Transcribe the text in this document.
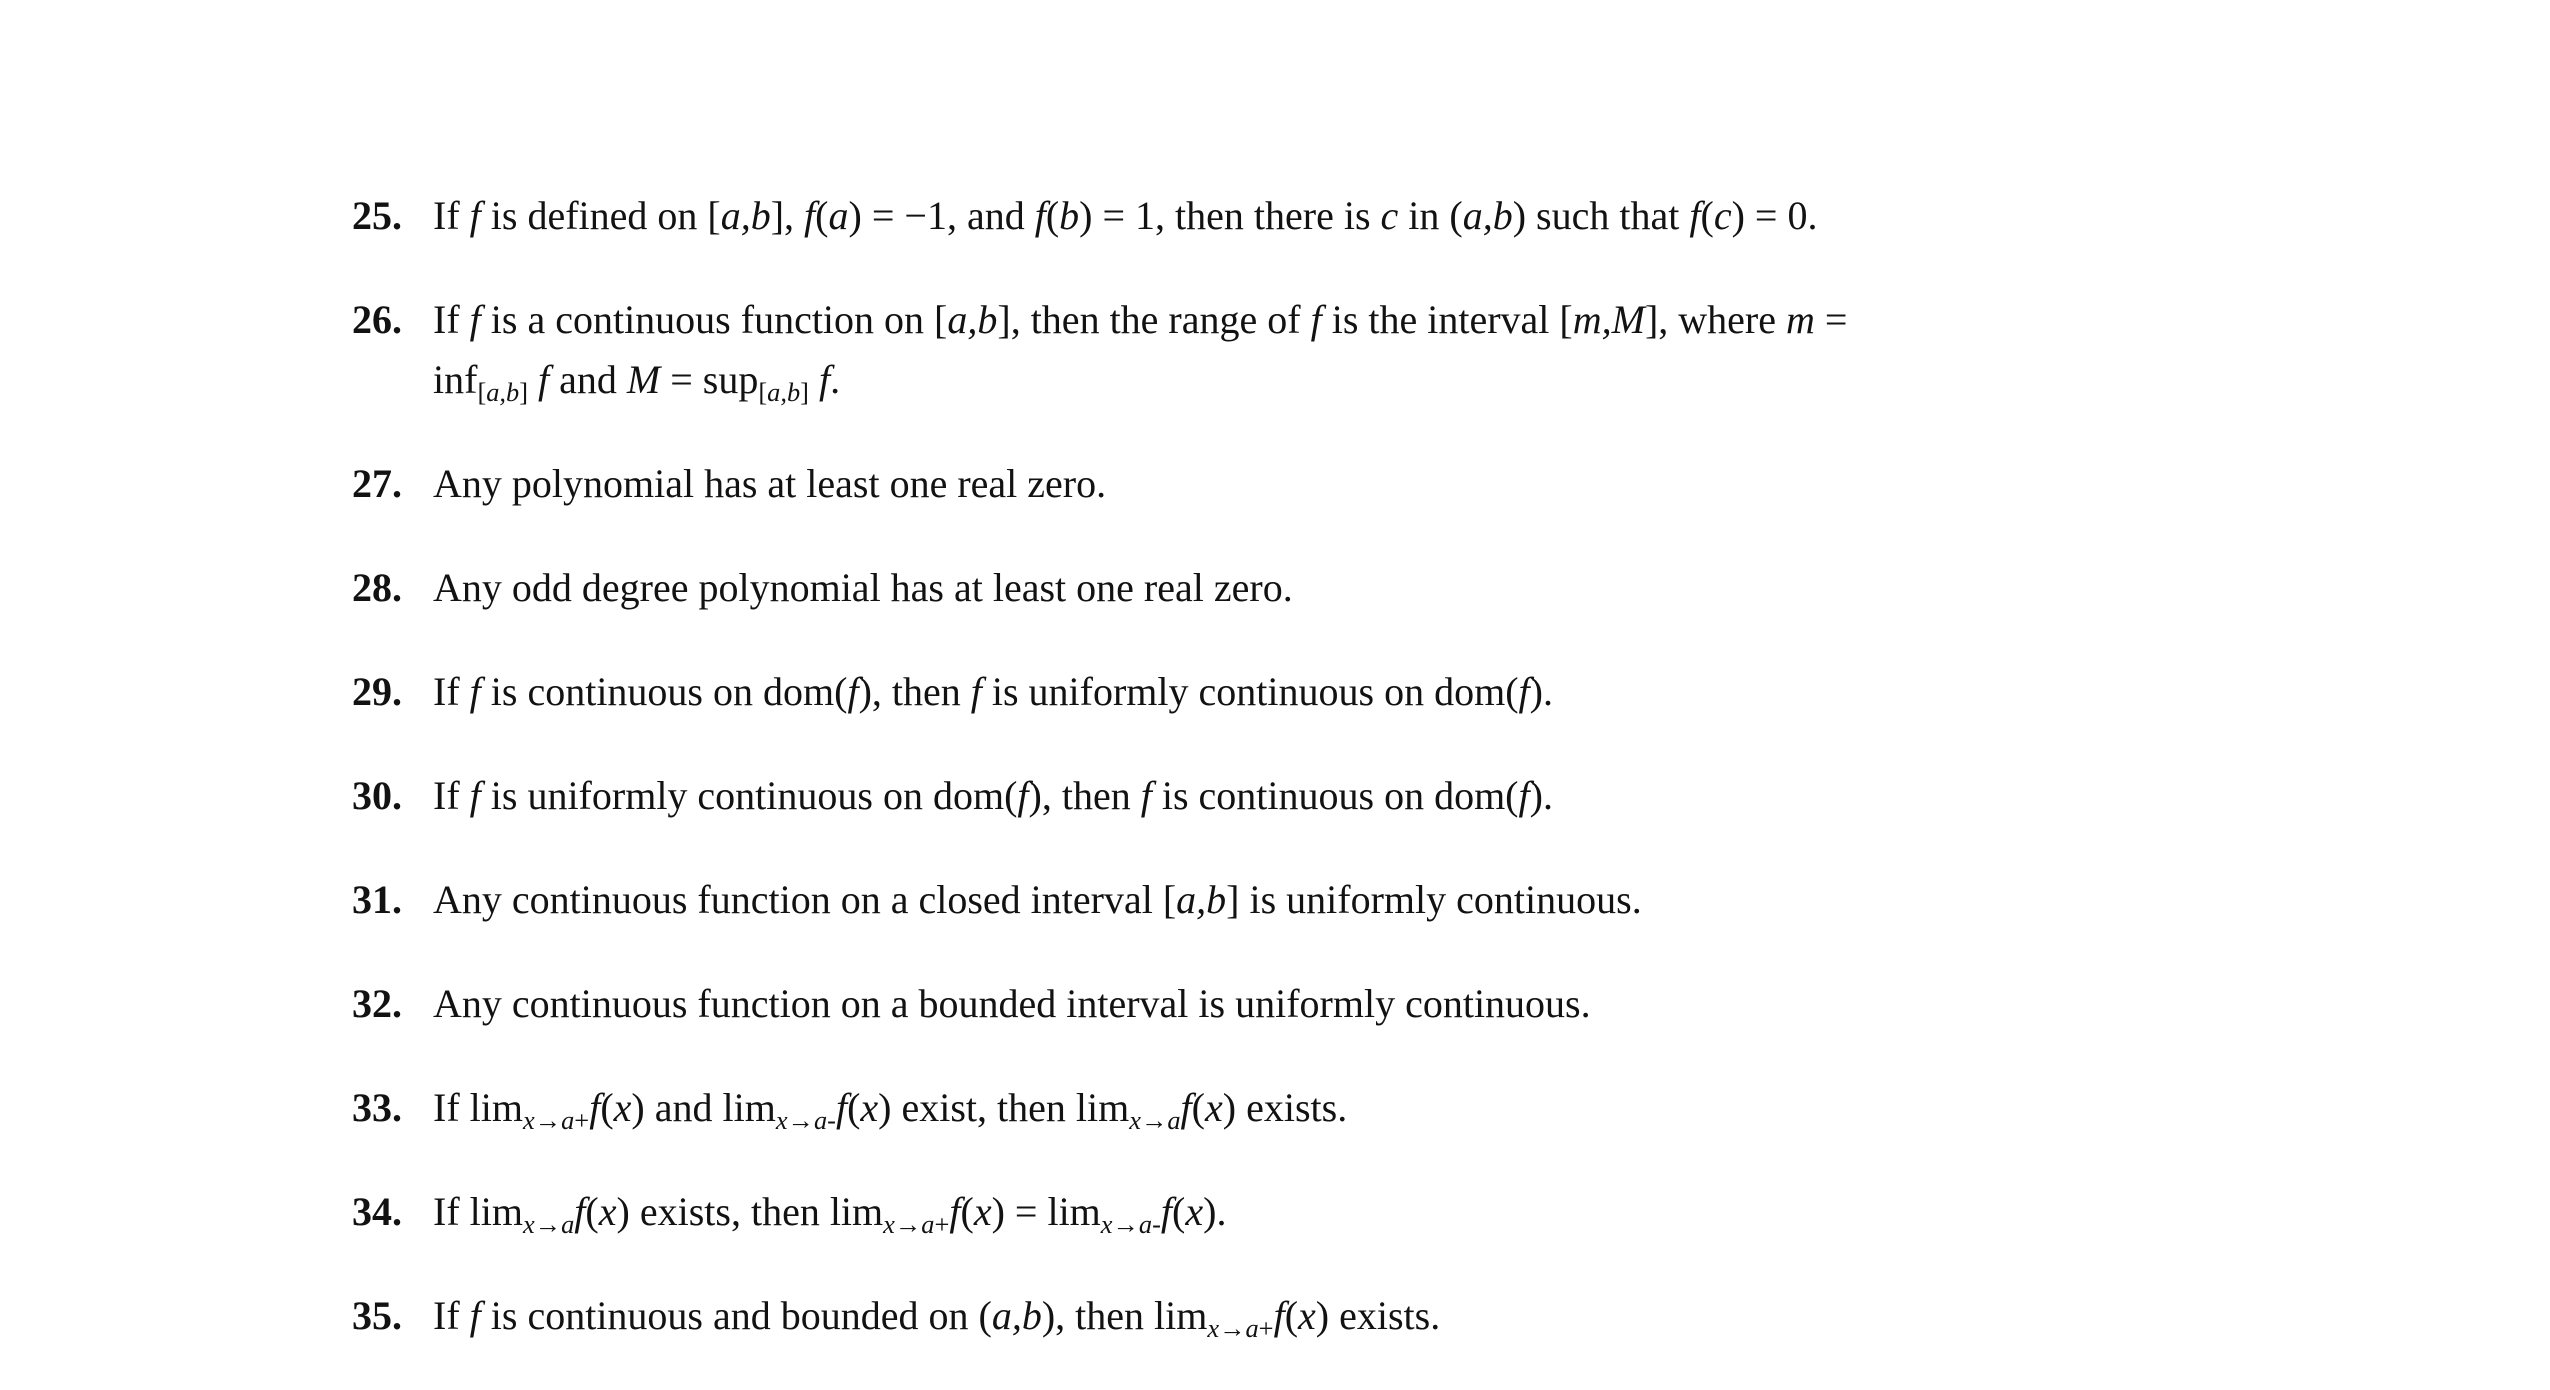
25. If f is defined on [a,b], f(a) = −1, and f(b) = 1, then there is c in (a,b) such that f(c) = 0.
26. If f is a continuous function on [a,b], then the range of f is the interval [m,M], where m =
inf[a,b] f and M = sup[a,b] f.
27. Any polynomial has at least one real zero.
28. Any odd degree polynomial has at least one real zero.
29. If f is continuous on dom(f), then f is uniformly continuous on dom(f).
30. If f is uniformly continuous on dom(f), then f is continuous on dom(f).
31. Any continuous function on a closed interval [a,b] is uniformly continuous.
32. Any continuous function on a bounded interval is uniformly continuous.
33. If limx→a+f(x) and limx→a-f(x) exist, then limx→af(x) exists.
34. If limx→af(x) exists, then limx→a+f(x) = limx→a-f(x).
35. If f is continuous and bounded on (a,b), then limx→a+f(x) exists.
